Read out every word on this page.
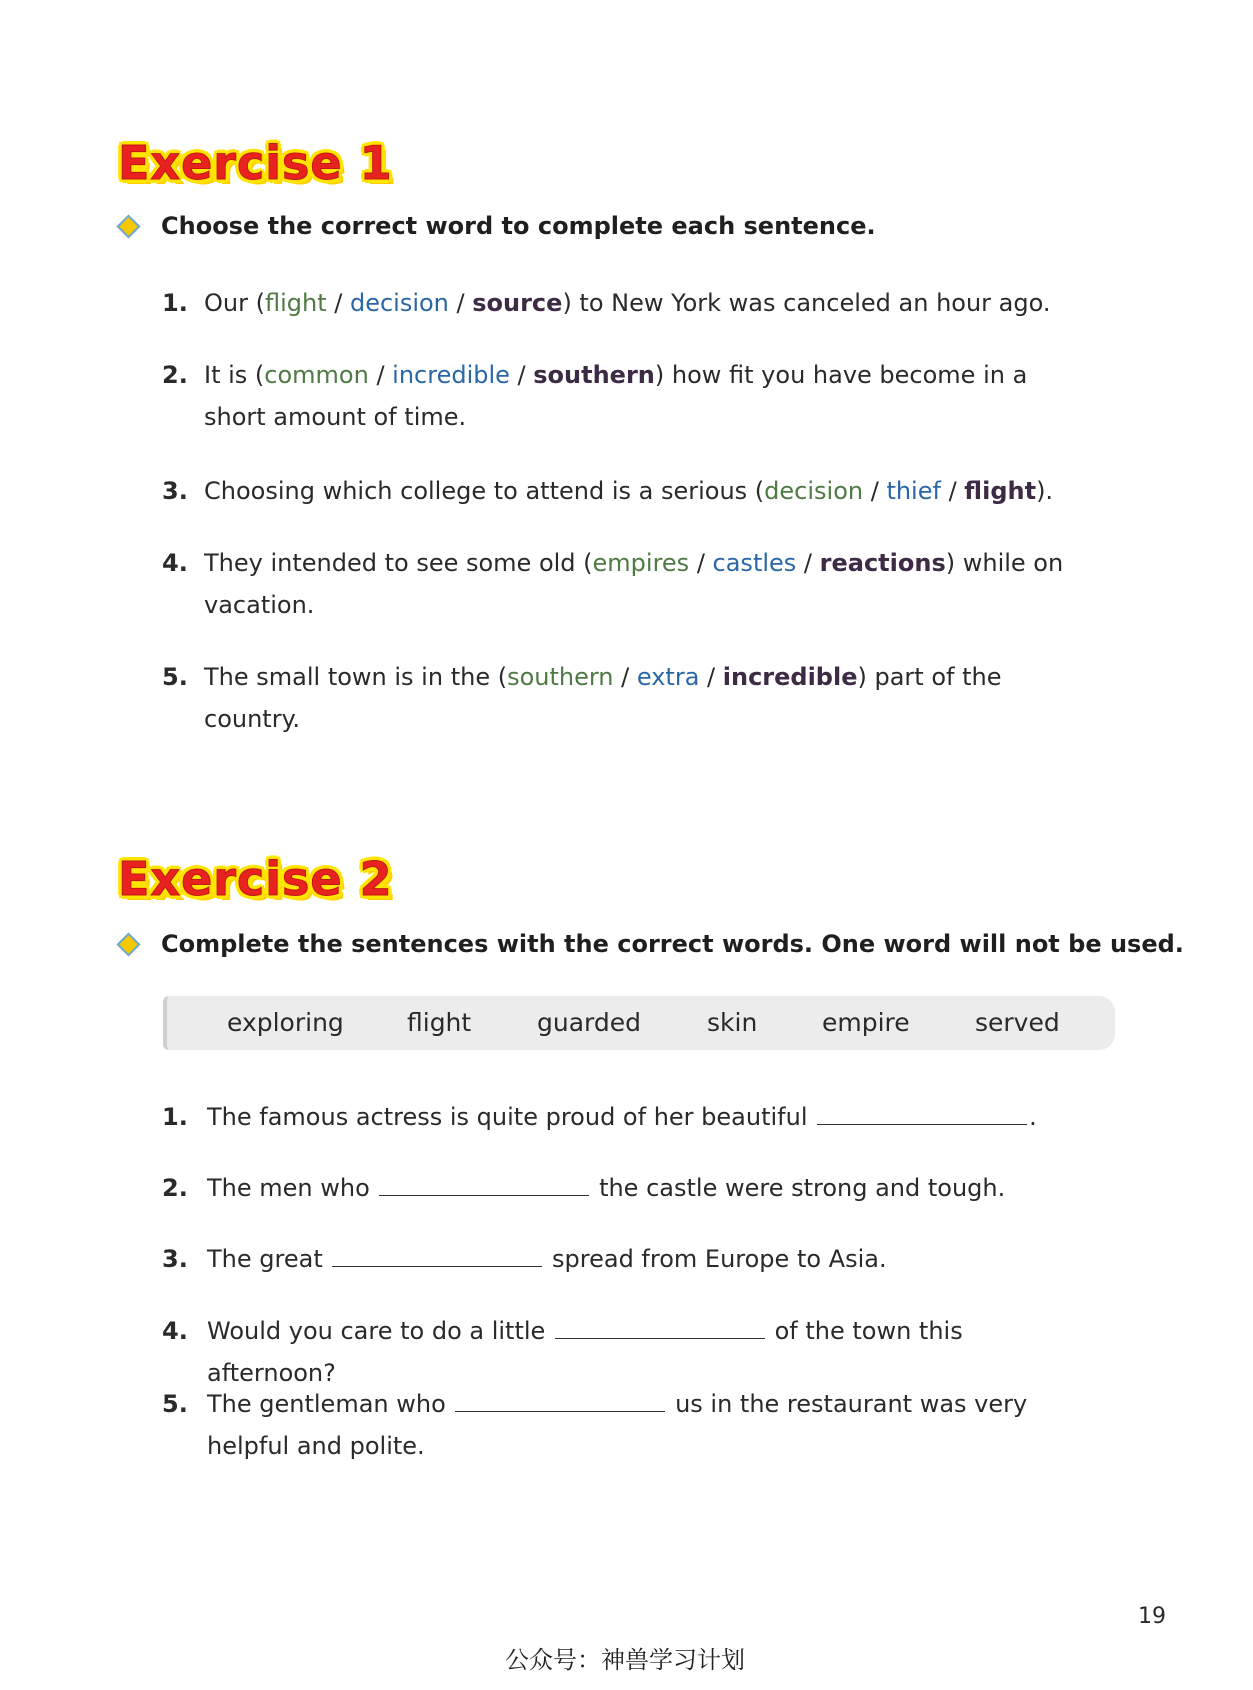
Exercise 1
Choose the correct word to complete each sentence.
1. Our (flight / decision / source) to New York was canceled an hour ago.
2. It is (common / incredible / southern) how fit you have become in a short amount of time.
3. Choosing which college to attend is a serious (decision / thief / flight).
4. They intended to see some old (empires / castles / reactions) while on vacation.
5. The small town is in the (southern / extra / incredible) part of the country.
Exercise 2
Complete the sentences with the correct words. One word will not be used.
exploring	flight	guarded	skin	empire	served
1. The famous actress is quite proud of her beautiful	.
2. The men who	the castle were strong and tough.
3. The great	spread from Europe to Asia.
4. Would you care to do a little	of the town this afternoon?
5. The gentleman who	us in the restaurant was very helpful and polite.
19
公众号：神兽学习计划
